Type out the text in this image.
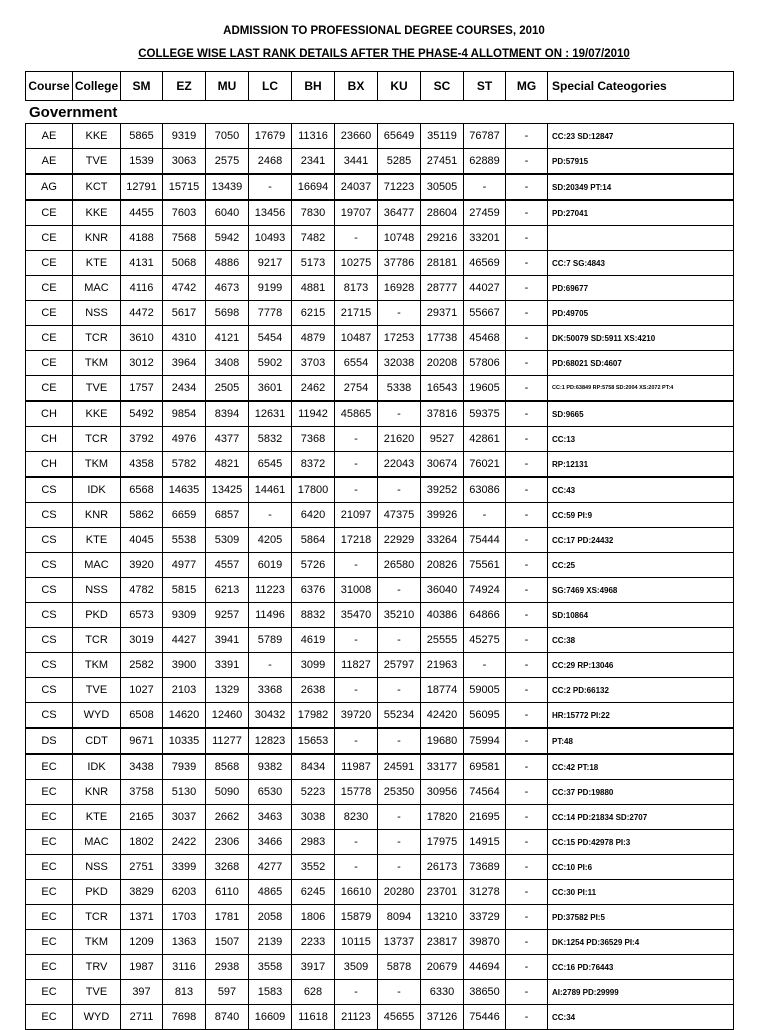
ADMISSION TO PROFESSIONAL DEGREE COURSES, 2010
COLLEGE WISE LAST RANK DETAILS AFTER THE PHASE-4 ALLOTMENT ON : 19/07/2010
Course	College	SM	EZ	MU	LC	BH	BX	KU	SC	ST	MG	Special Cateogories
Government
AE	KKE	5865	9319	7050	17679	11316	23660	65649	35119	76787	-	CC:23 SD:12847
AE	TVE	1539	3063	2575	2468	2341	3441	5285	27451	62889	-	PD:57915
AG	KCT	12791	15715	13439	-	16694	24037	71223	30505	-	-	SD:20349 PT:14
CE	KKE	4455	7603	6040	13456	7830	19707	36477	28604	27459	-	PD:27041
CE	KNR	4188	7568	5942	10493	7482	-	10748	29216	33201	-	
CE	KTE	4131	5068	4886	9217	5173	10275	37786	28181	46569	-	CC:7 SG:4843
CE	MAC	4116	4742	4673	9199	4881	8173	16928	28777	44027	-	PD:69677
CE	NSS	4472	5617	5698	7778	6215	21715	-	29371	55667	-	PD:49705
CE	TCR	3610	4310	4121	5454	4879	10487	17253	17738	45468	-	DK:50079 SD:5911 XS:4210
CE	TKM	3012	3964	3408	5902	3703	6554	32038	20208	57806	-	PD:68021 SD:4607
CE	TVE	1757	2434	2505	3601	2462	2754	5338	16543	19605	-	CC:1 PD:63849 RP:5758 SD:2004 XS:2072 PT:4
CH	KKE	5492	9854	8394	12631	11942	45865	-	37816	59375	-	SD:9665
CH	TCR	3792	4976	4377	5832	7368	-	21620	9527	42861	-	CC:13
CH	TKM	4358	5782	4821	6545	8372	-	22043	30674	76021	-	RP:12131
CS	IDK	6568	14635	13425	14461	17800	-	-	39252	63086	-	CC:43
CS	KNR	5862	6659	6857	-	6420	21097	47375	39926	-	-	CC:59 PI:9
CS	KTE	4045	5538	5309	4205	5864	17218	22929	33264	75444	-	CC:17 PD:24432
CS	MAC	3920	4977	4557	6019	5726	-	26580	20826	75561	-	CC:25
CS	NSS	4782	5815	6213	11223	6376	31008	-	36040	74924	-	SG:7469 XS:4968
CS	PKD	6573	9309	9257	11496	8832	35470	35210	40386	64866	-	SD:10864
CS	TCR	3019	4427	3941	5789	4619	-	-	25555	45275	-	CC:38
CS	TKM	2582	3900	3391	-	3099	11827	25797	21963	-	-	CC:29 RP:13046
CS	TVE	1027	2103	1329	3368	2638	-	-	18774	59005	-	CC:2 PD:66132
CS	WYD	6508	14620	12460	30432	17982	39720	55234	42420	56095	-	HR:15772 PI:22
DS	CDT	9671	10335	11277	12823	15653	-	-	19680	75994	-	PT:48
EC	IDK	3438	7939	8568	9382	8434	11987	24591	33177	69581	-	CC:42 PT:18
EC	KNR	3758	5130	5090	6530	5223	15778	25350	30956	74564	-	CC:37 PD:19880
EC	KTE	2165	3037	2662	3463	3038	8230	-	17820	21695	-	CC:14 PD:21834 SD:2707
EC	MAC	1802	2422	2306	3466	2983	-	-	17975	14915	-	CC:15 PD:42978 PI:3
EC	NSS	2751	3399	3268	4277	3552	-	-	26173	73689	-	CC:10 PI:6
EC	PKD	3829	6203	6110	4865	6245	16610	20280	23701	31278	-	CC:30 PI:11
EC	TCR	1371	1703	1781	2058	1806	15879	8094	13210	33729	-	PD:37582 PI:5
EC	TKM	1209	1363	1507	2139	2233	10115	13737	23817	39870	-	DK:1254 PD:36529 PI:4
EC	TRV	1987	3116	2938	3558	3917	3509	5878	20679	44694	-	CC:16 PD:76443
EC	TVE	397	813	597	1583	628	-	-	6330	38650	-	AI:2789 PD:29999
EC	WYD	2711	7698	8740	16609	11618	21123	45655	37126	75446	-	CC:34
